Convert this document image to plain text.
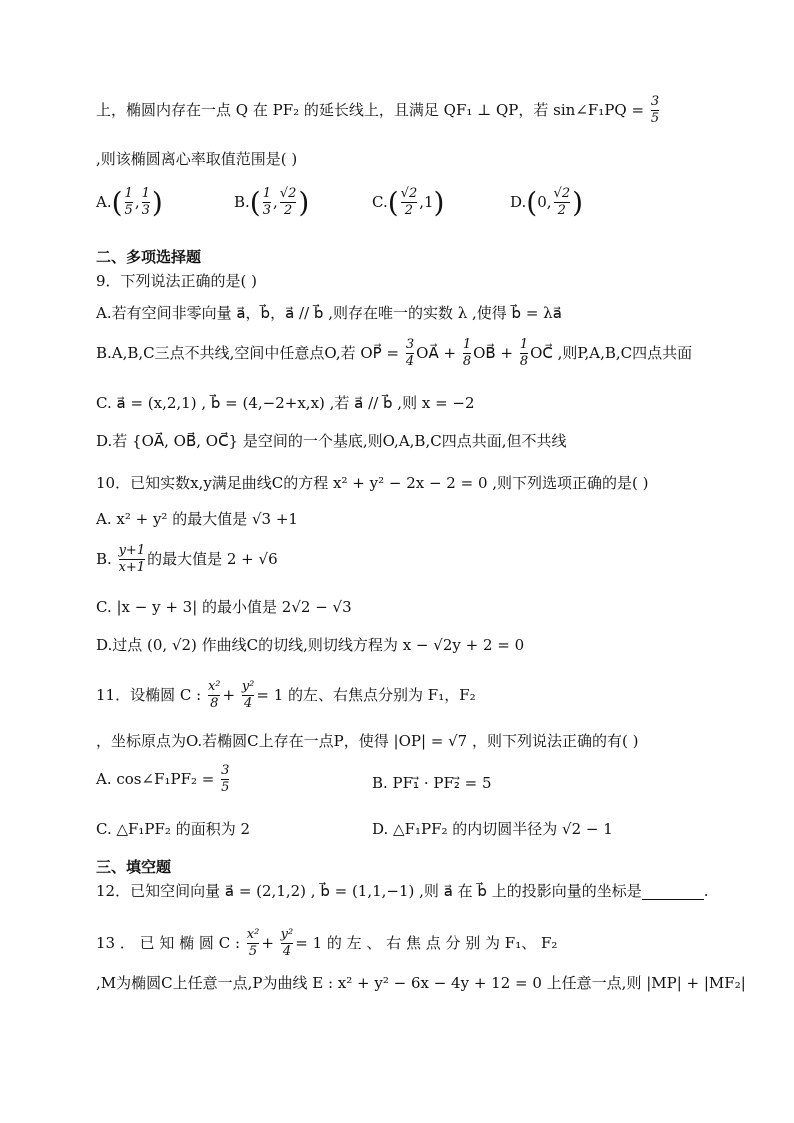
上，椭圆内存在一点 Q 在 PF₂ 的延长线上，且满足 QF₁ ⊥ QP，若 sin∠F₁PQ = $\frac{3}{5}$
,则该椭圆离心率取值范围是( )
$A.( \frac{1}{5}$ , $\frac{1}{3}$ )	$B.( \frac{1}{3}$ , $\frac{√2}{2}$ )	$C.( \frac{√2}{2} ,1)$	D.(0, $\frac{√2}{2}$ )
二、多项选择题
9．下列说法正确的是( )
A.若有空间非零向量 a⃗，b⃗，a⃗ // b⃗ ,则存在唯一的实数 λ ,使得 b⃗ = λa⃗
B.A,B,C三点不共线,空间中任意点O,若 OP⃗ = $\frac{3}{4}$ OA⃗ + $\frac{1}{8}$ OB⃗ + $\frac{1}{8}$ OC⃗ ,则P,A,B,C四点共面
C. a⃗ = (x,2,1) , b⃗ = (4,−2+x,x) ,若 a⃗ // b⃗ ,则 x = −2
D.若 {OA⃗, OB⃗, OC⃗} 是空间的一个基底,则O,A,B,C四点共面,但不共线
10．已知实数x,y满足曲线C的方程 x² + y² − 2x − 2 = 0 ,则下列选项正确的是( )
A. x² + y² 的最大值是 √3 +1
B. $\frac{y+1}{x+1}$ 的最大值是 2 + √6
C. |x − y + 3| 的最小值是 2√2 − √3
D.过点 (0, √2) 作曲线C的切线,则切线方程为 x − √2y + 2 = 0
11．设椭圆 C : $\frac{\text{x²}}{8} + \frac{\text{y²}}{4} = 1$ 的左、右焦点分别为 F₁，F₂
，坐标原点为O.若椭圆C上存在一点P，使得 |OP| = √7 ，则下列说法正确的有( )
A. cos∠F₁PF₂ = $\frac{3}{5}$	B. PF₁⃗ · PF₂⃗ = 5
C. △F₁PF₂ 的面积为 2	D. △F₁PF₂ 的内切圆半径为 √2 − 1
三、填空题
12．已知空间向量 a⃗ = (2,1,2) , b⃗ = (1,1,−1) ,则 a⃗ 在 b⃗ 上的投影向量的坐标是	.
13 ． 已 知 椭 圆 C : $\frac{\text{x²}}{5} + \frac{\text{y²}}{4} = 1$ 的 左 、 右 焦 点 分 别 为 F₁、 F₂
,M为椭圆C上任意一点,P为曲线 E : x² + y² − 6x − 4y + 12 = 0 上任意一点,则 |MP| + |MF₂|
